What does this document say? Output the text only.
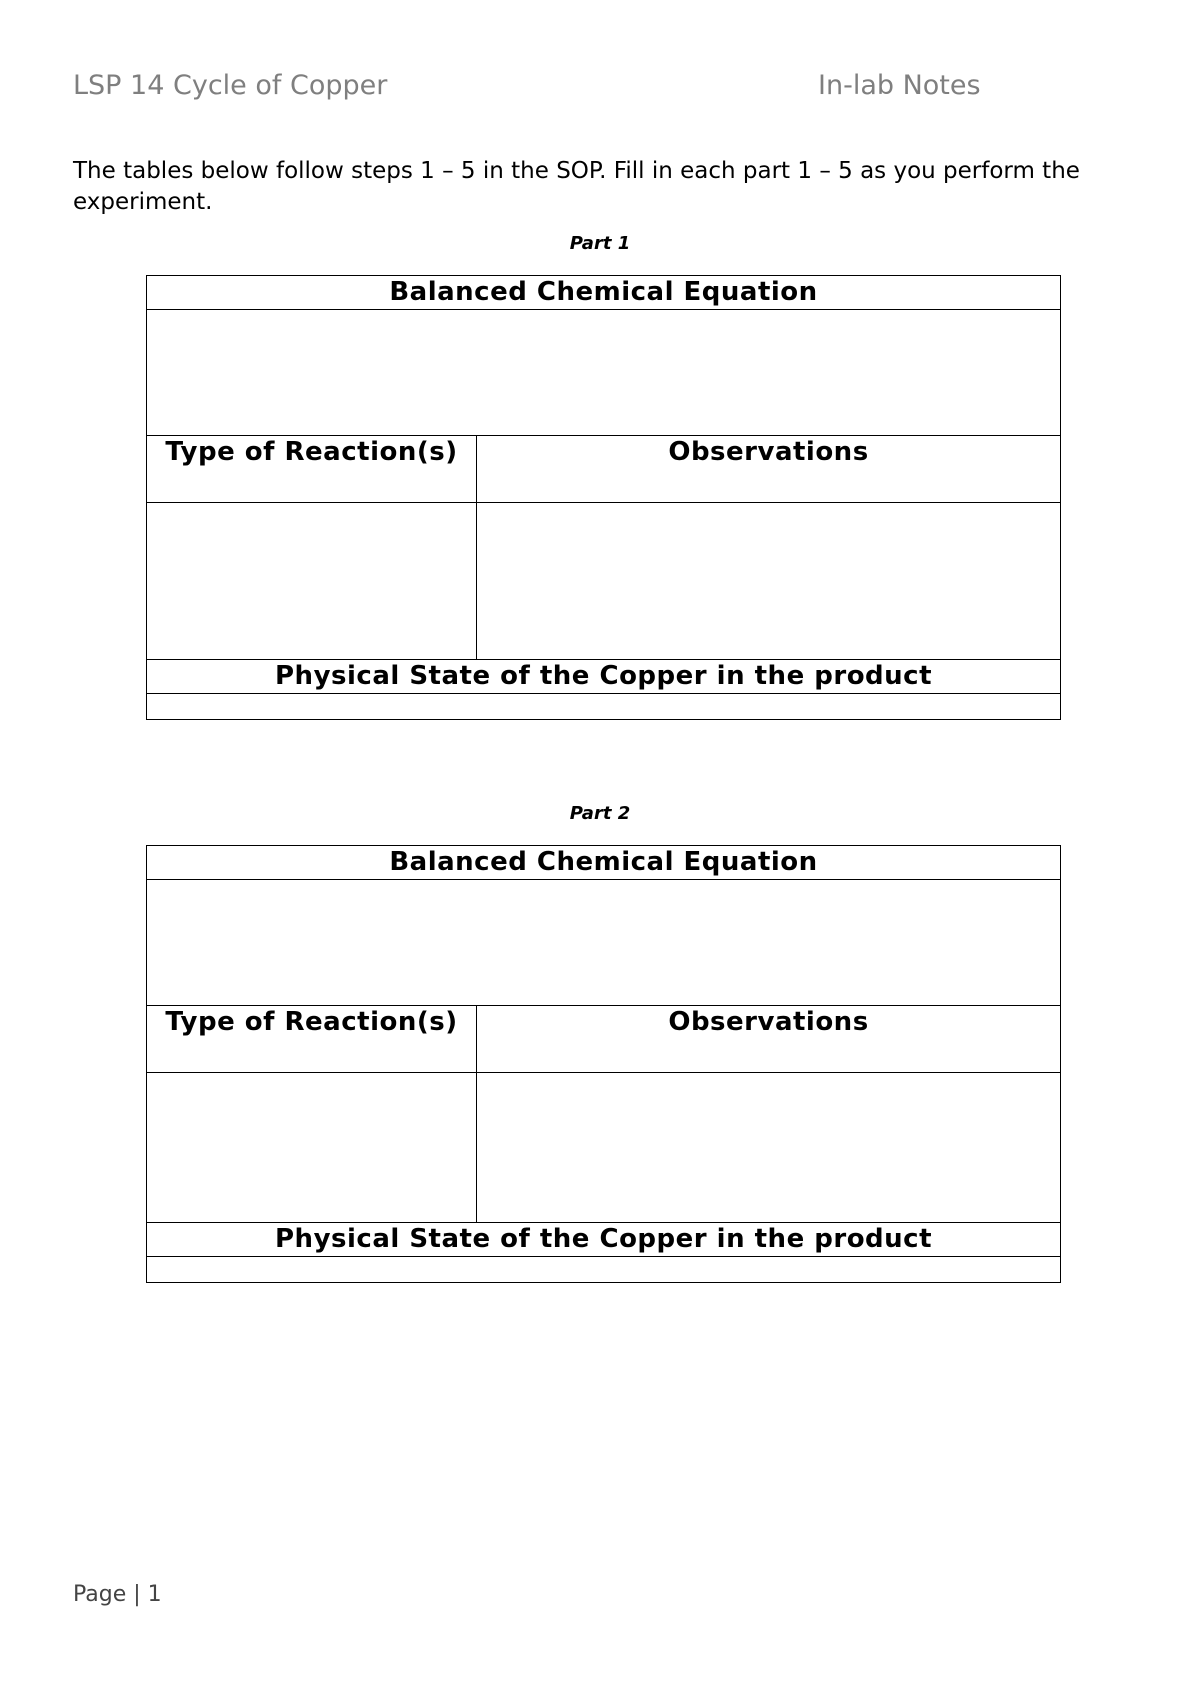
LSP 14 Cycle of Copper	In-lab Notes
The tables below follow steps 1 – 5 in the SOP. Fill in each part 1 – 5 as you perform the experiment.
Part 1
Balanced Chemical Equation	

Type of Reaction(s)	Observations

Physical State of the Copper in the product	

Part 2
Balanced Chemical Equation	

Type of Reaction(s)	Observations

Physical State of the Copper in the product	

Page | 1
